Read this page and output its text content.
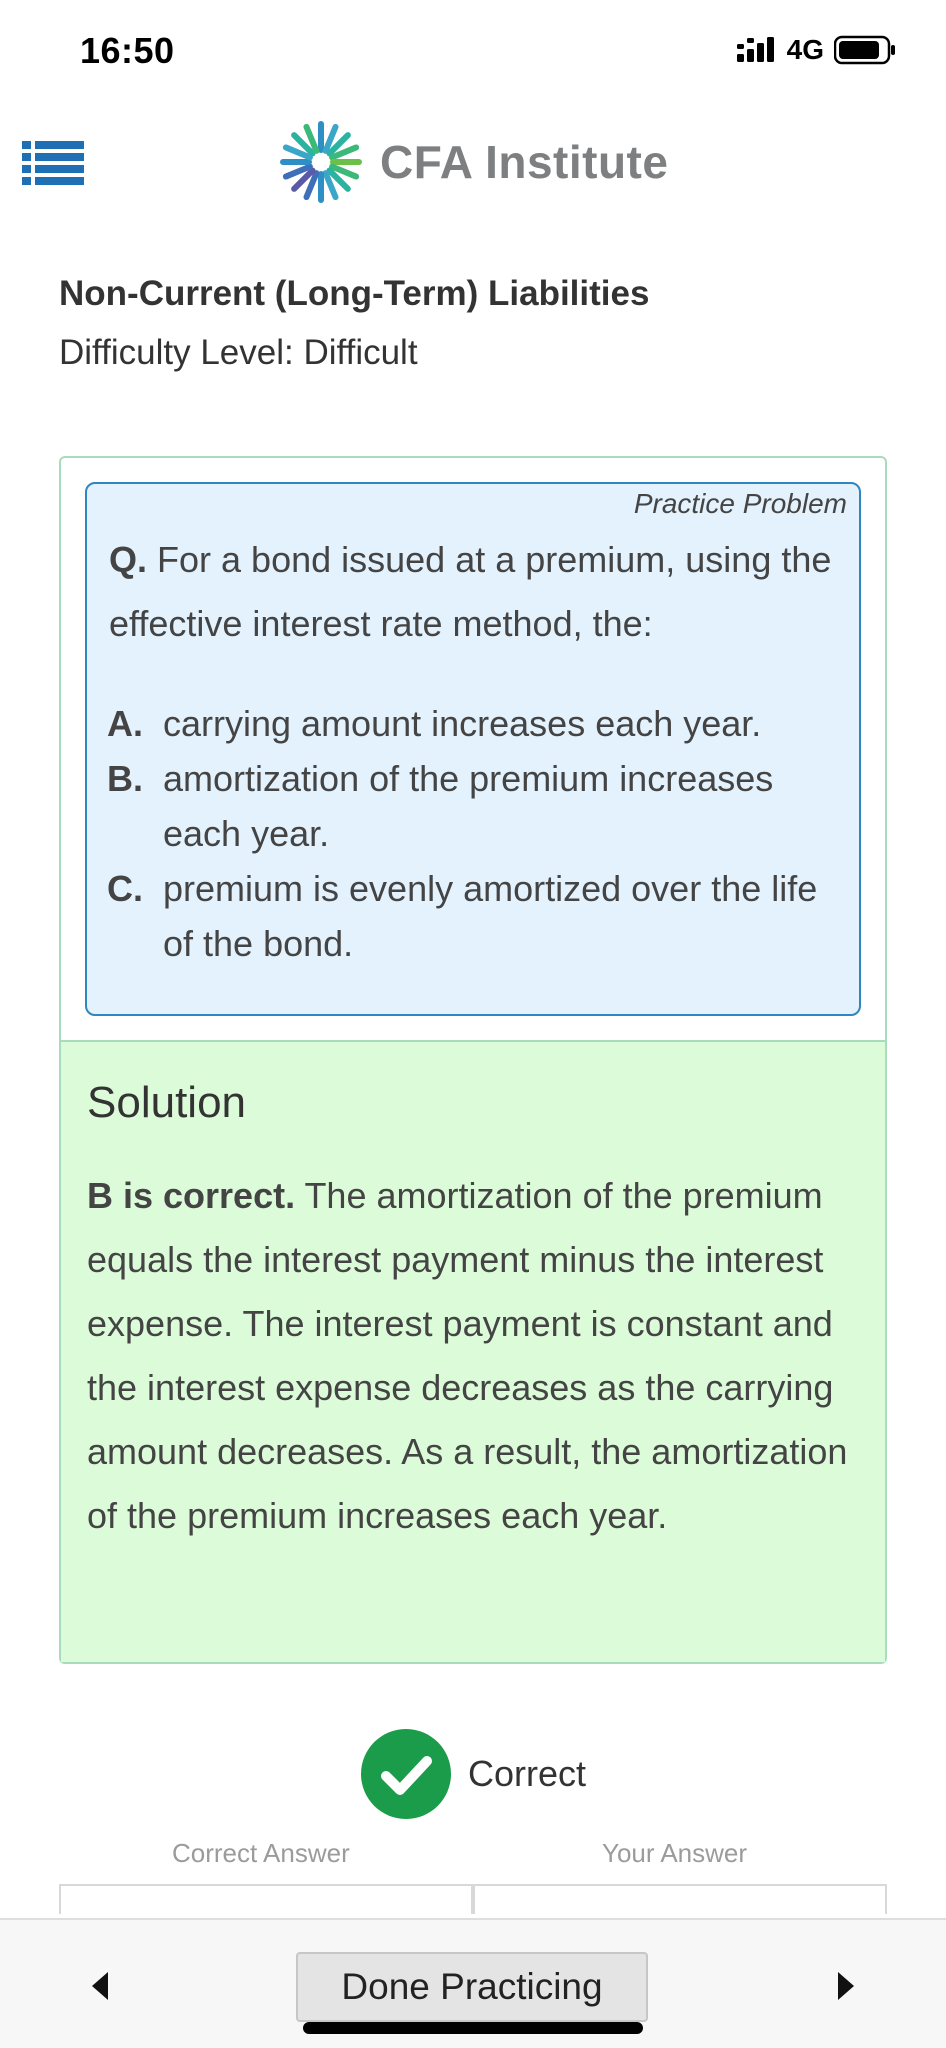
16:50	4G
CFA Institute
Non-Current (Long-Term) Liabilities
Difficulty Level: Difficult
Practice Problem
Q. For a bond issued at a premium, using the effective interest rate method, the:
A. carrying amount increases each year.
B. amortization of the premium increases each year.
C. premium is evenly amortized over the life of the bond.
Solution
B is correct. The amortization of the premium equals the interest payment minus the interest expense. The interest payment is constant and the interest expense decreases as the carrying amount decreases. As a result, the amortization of the premium increases each year.
Correct
Correct Answer	Your Answer
Done Practicing
